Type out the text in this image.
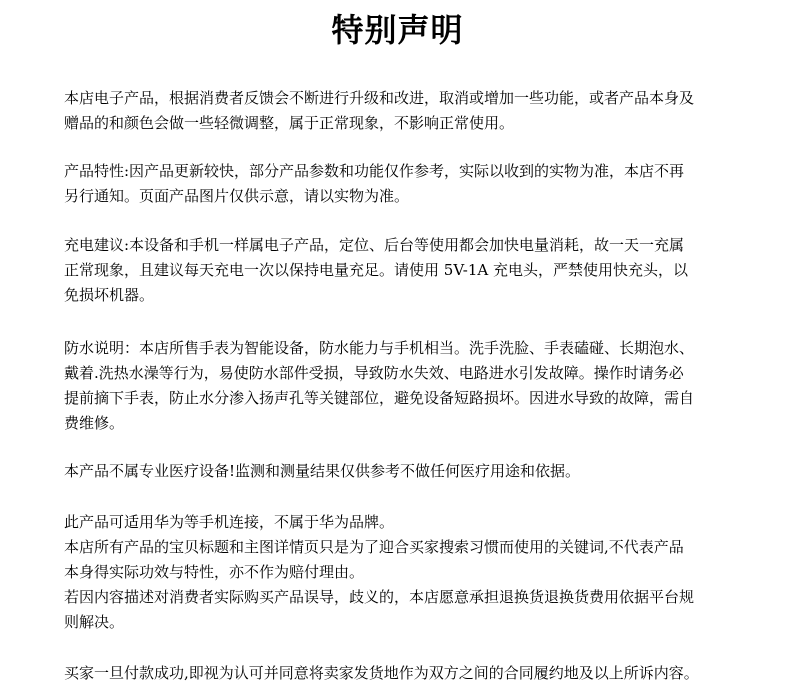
特别声明

本店电子产品，根据消费者反馈会不断进行升级和改进，取消或增加一些功能，或者产品本身及
赠品的和颜色会做一些轻微调整，属于正常现象，不影响正常使用。

产品特性:因产品更新较快，部分产品参数和功能仅作参考，实际以收到的实物为准，本店不再
另行通知。页面产品图片仅供示意，请以实物为准。

充电建议:本设备和手机一样属电子产品，定位、后台等使用都会加快电量消耗，故一天一充属
正常现象，且建议每天充电一次以保持电量充足。请使用 5V-1A 充电头，严禁使用快充头，以
免损坏机器。

防水说明：本店所售手表为智能设备，防水能力与手机相当。洗手洗脸、手表磕碰、长期泡水、
戴着.洗热水澡等行为，易使防水部件受损，导致防水失效、电路进水引发故障。操作时请务必
提前摘下手表，防止水分渗入扬声孔等关键部位，避免设备短路损坏。因进水导致的故障，需自
费维修。

本产品不属专业医疗设备!监测和测量结果仅供参考不做任何医疗用途和依据。

此产品可适用华为等手机连接，不属于华为品牌。
本店所有产品的宝贝标题和主图详情页只是为了迎合买家搜索习惯而使用的关键词,不代表产品
本身得实际功效与特性，亦不作为赔付理由。
若因内容描述对消费者实际购买产品误导，歧义的，本店愿意承担退换货退换货费用依据平台规
则解决。

买家一旦付款成功,即视为认可并同意将卖家发货地作为双方之间的合同履约地及以上所诉内容。
